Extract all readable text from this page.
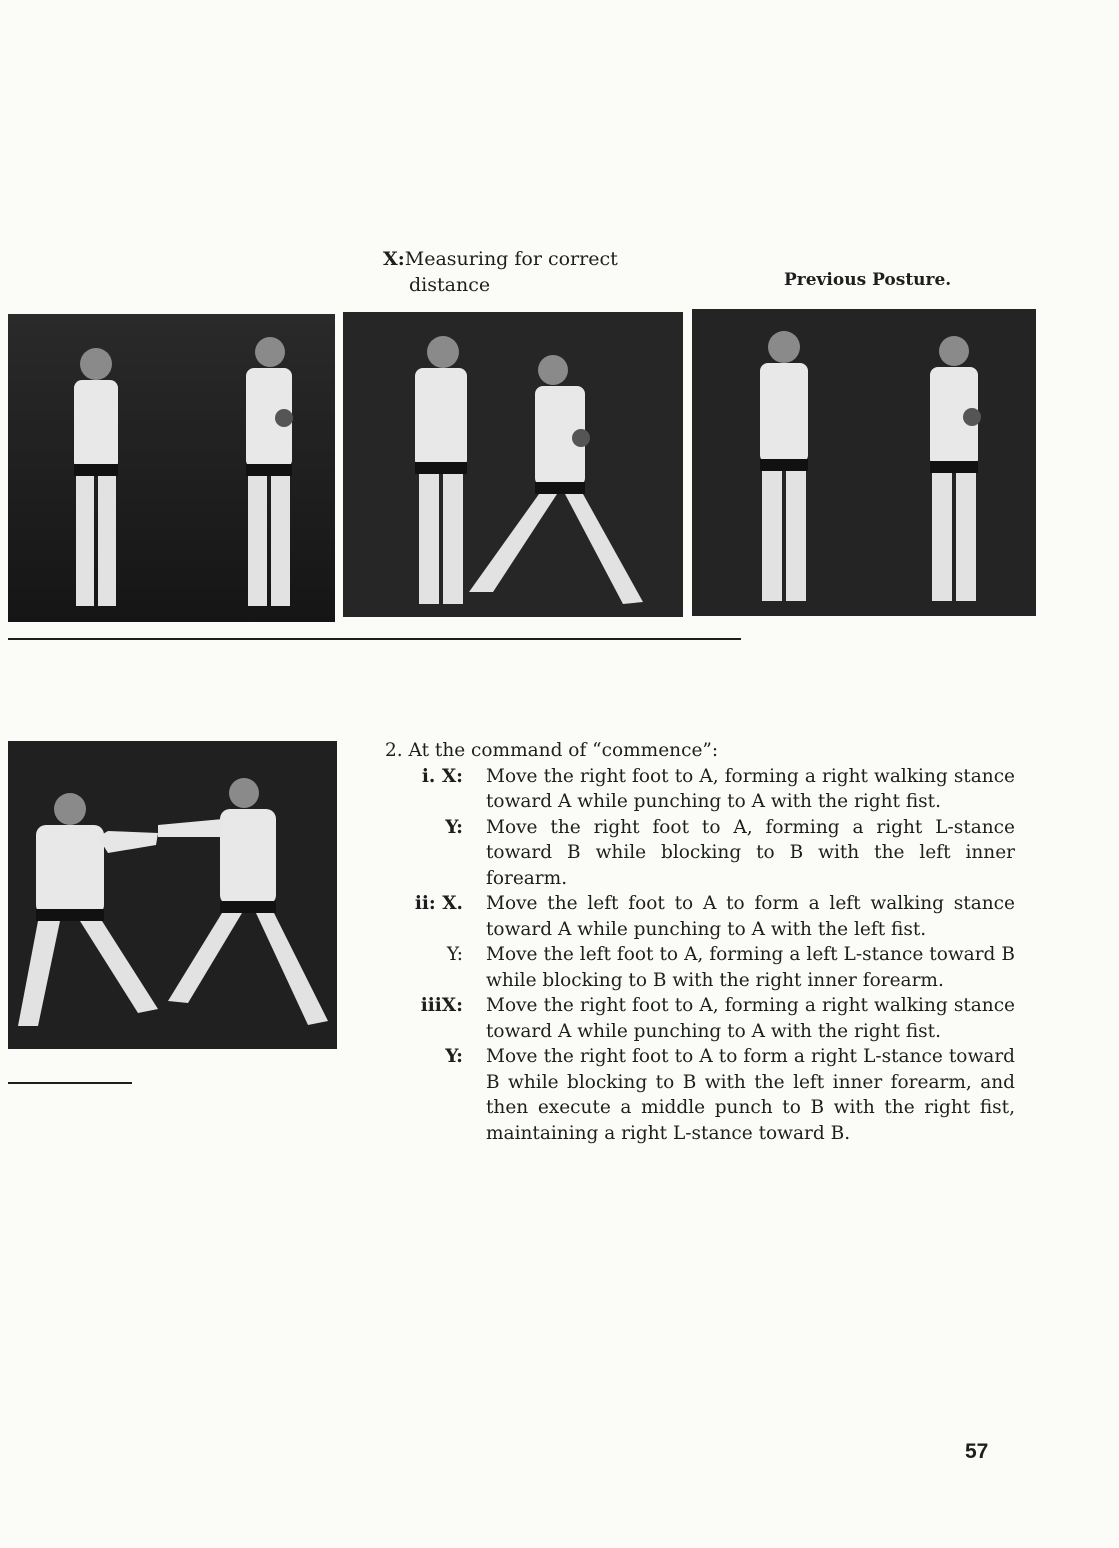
X:Measuring for correct
distance	Previous Posture.
2. At the command of “commence”:
i. X: Move the right foot to A, forming a right walking stance toward A while punching to A with the right fist.
Y: Move the right foot to A, forming a right L-stance toward B while blocking to B with the left inner forearm.
ii: X. Move the left foot to A to form a left walking stance toward A while punching to A with the left fist.
Y: Move the left foot to A, forming a left L-stance toward B while blocking to B with the right inner forearm.
iiiX: Move the right foot to A, forming a right walking stance toward A while punching to A with the right fist.
Y: Move the right foot to A to form a right L-stance toward B while blocking to B with the left inner forearm, and then execute a middle punch to B with the right fist, maintaining a right L-stance toward B.
57
